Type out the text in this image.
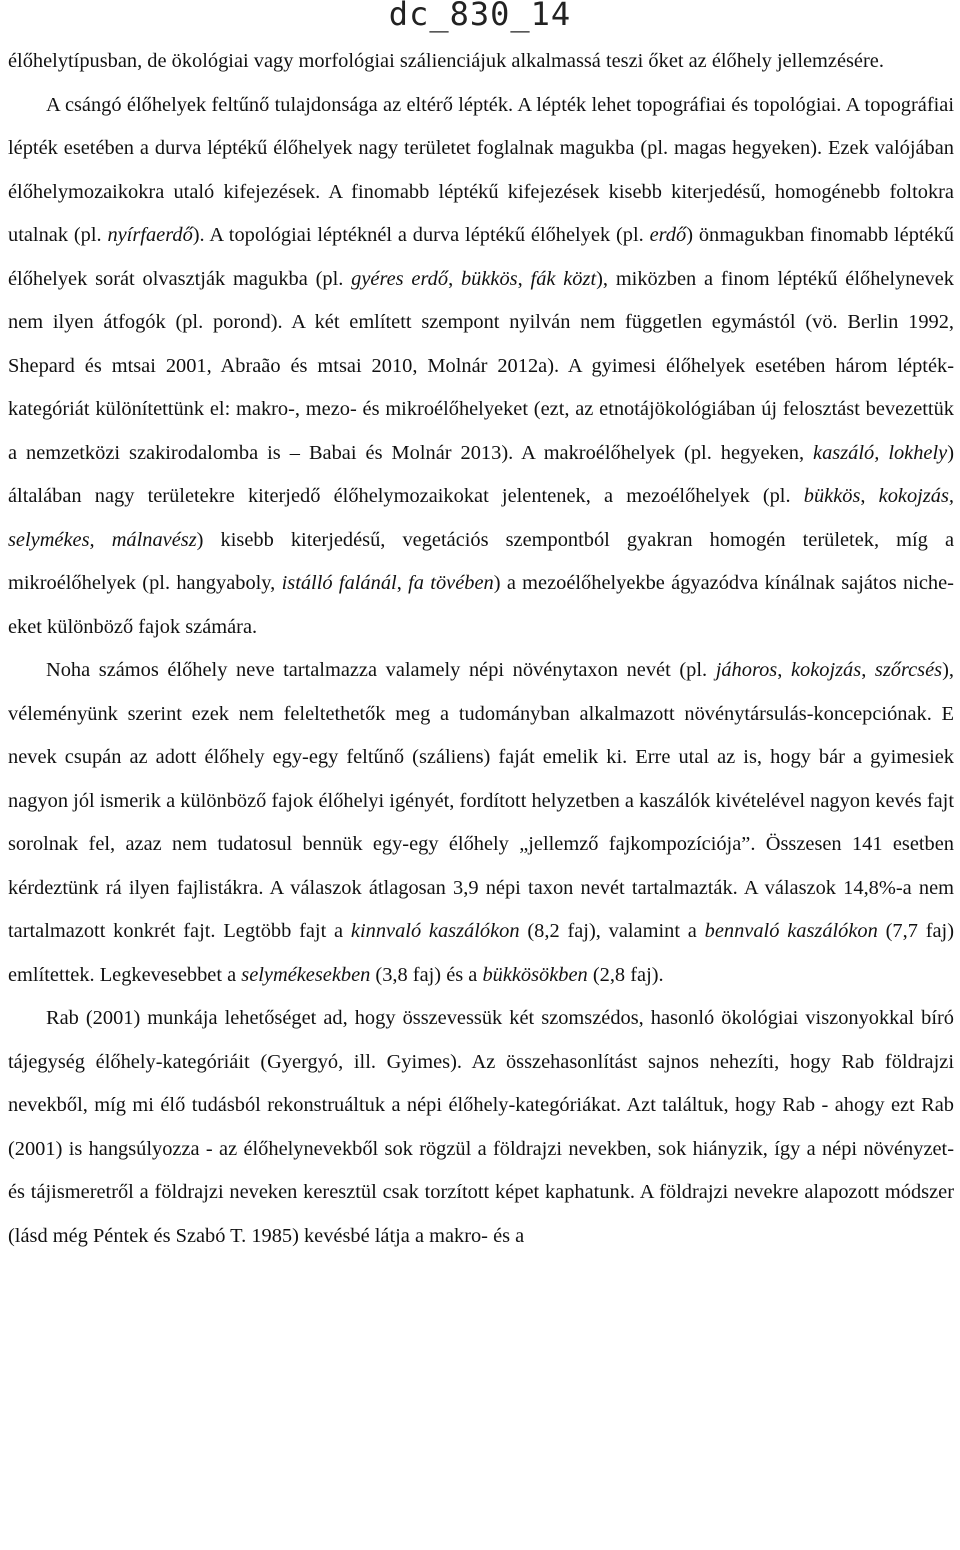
dc_830_14

élőhelytípusban, de ökológiai vagy morfológiai szálienciájuk alkalmassá teszi őket az élőhely jellemzésére.

A csángó élőhelyek feltűnő tulajdonsága az eltérő lépték. A lépték lehet topográfiai és topológiai. A topográfiai lépték esetében a durva léptékű élőhelyek nagy területet foglalnak magukba (pl. magas hegyeken). Ezek valójában élőhelymozaikokra utaló kifejezések. A finomabb léptékű kifejezések kisebb kiterjedésű, homogénebb foltokra utalnak (pl. nyírfaerdő). A topológiai léptéknél a durva léptékű élőhelyek (pl. erdő) önmagukban finomabb léptékű élőhelyek sorát olvasztják magukba (pl. gyéres erdő, bükkös, fák közt), miközben a finom léptékű élőhelynevek nem ilyen átfogók (pl. porond). A két említett szempont nyilván nem független egymástól (vö. Berlin 1992, Shepard és mtsai 2001, Abraão és mtsai 2010, Molnár 2012a). A gyimesi élőhelyek esetében három lépték-kategóriát különítettünk el: makro-, mezo- és mikroélőhelyeket (ezt, az etnotájökológiában új felosztást bevezettük a nemzetközi szakirodalomba is – Babai és Molnár 2013). A makroélőhelyek (pl. hegyeken, kaszáló, lokhely) általában nagy területekre kiterjedő élőhelymozaikokat jelentenek, a mezoélőhelyek (pl. bükkös, kokojzás, selymékes, málnavész) kisebb kiterjedésű, vegetációs szempontból gyakran homogén területek, míg a mikroélőhelyek (pl. hangyaboly, istálló falánál, fa tövében) a mezoélőhelyekbe ágyazódva kínálnak sajátos niche-eket különböző fajok számára.

Noha számos élőhely neve tartalmazza valamely népi növénytaxon nevét (pl. jáhoros, kokojzás, szőrcsés), véleményünk szerint ezek nem feleltethetők meg a tudományban alkalmazott növénytársulás-koncepciónak. E nevek csupán az adott élőhely egy-egy feltűnő (száliens) faját emelik ki. Erre utal az is, hogy bár a gyimesiek nagyon jól ismerik a különböző fajok élőhelyi igényét, fordított helyzetben a kaszálók kivételével nagyon kevés fajt sorolnak fel, azaz nem tudatosul bennük egy-egy élőhely „jellemző fajkompozíciója”. Összesen 141 esetben kérdeztünk rá ilyen fajlistákra. A válaszok átlagosan 3,9 népi taxon nevét tartalmazták. A válaszok 14,8%-a nem tartalmazott konkrét fajt. Legtöbb fajt a kinnvaló kaszálókon (8,2 faj), valamint a bennvaló kaszálókon (7,7 faj) említettek. Legkevesebbet a selymékesekben (3,8 faj) és a bükkösökben (2,8 faj).

Rab (2001) munkája lehetőséget ad, hogy összevessük két szomszédos, hasonló ökológiai viszonyokkal bíró tájegység élőhely-kategóriáit (Gyergyó, ill. Gyimes). Az összehasonlítást sajnos nehezíti, hogy Rab földrajzi nevekből, míg mi élő tudásból rekonstruáltuk a népi élőhely-kategóriákat. Azt találtuk, hogy Rab - ahogy ezt Rab (2001) is hangsúlyozza - az élőhelynevekből sok rögzül a földrajzi nevekben, sok hiányzik, így a népi növényzet- és tájismeretről a földrajzi neveken keresztül csak torzított képet kaphatunk. A földrajzi nevekre alapozott módszer (lásd még Péntek és Szabó T. 1985) kevésbé látja a makro- és a
